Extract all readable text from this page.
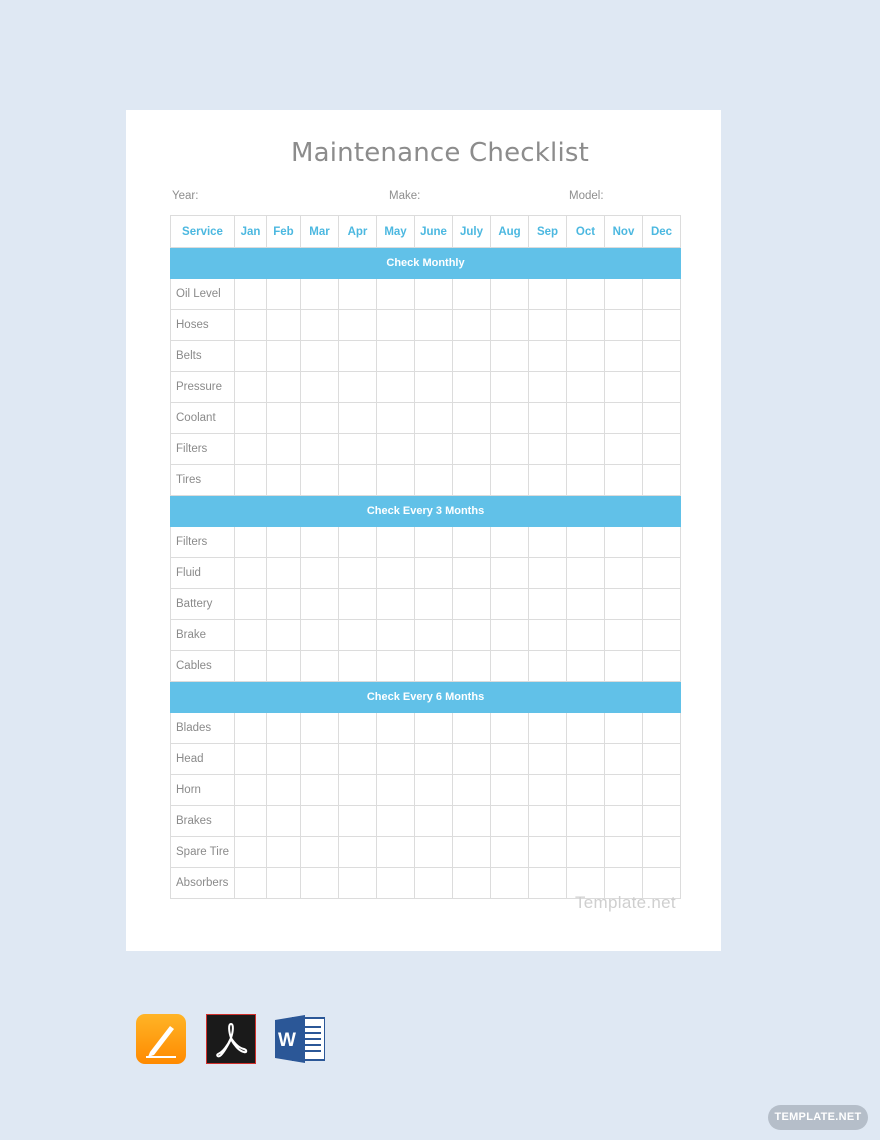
Maintenance Checklist
Year:	Make:	Model:
Service	Jan	Feb	Mar	Apr	May	June	July	Aug	Sep	Oct	Nov	Dec
Check Monthly												
Oil Level												
Hoses												
Belts												
Pressure												
Coolant												
Filters												
Tires												
Check Every 3 Months												
Filters												
Fluid												
Battery												
Brake												
Cables												
Check Every 6 Months												
Blades												
Head												
Horn												
Brakes												
Spare Tire												
Absorbers												
Template.net
W
TEMPLATE.NET
